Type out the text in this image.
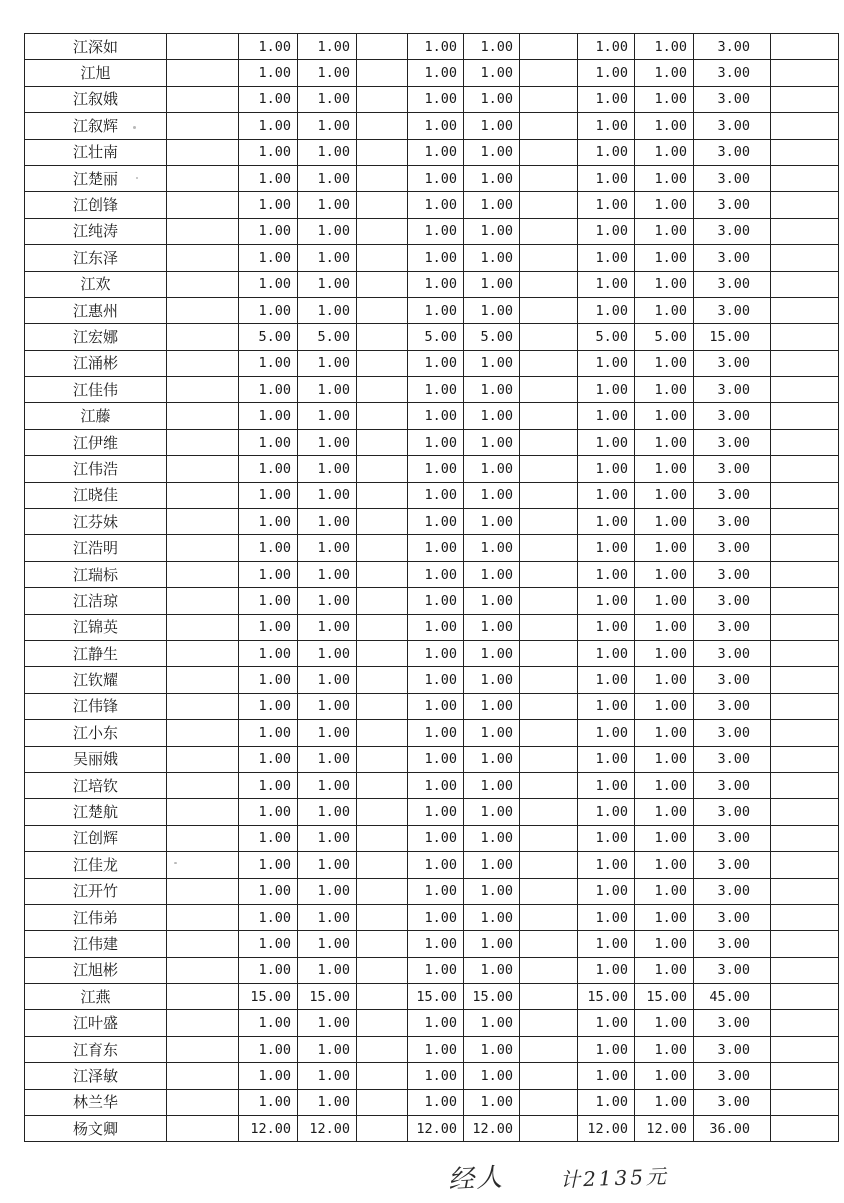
江深如		1.00	1.00		1.00	1.00		1.00	1.00	3.00	
江旭		1.00	1.00		1.00	1.00		1.00	1.00	3.00	
江叙娥		1.00	1.00		1.00	1.00		1.00	1.00	3.00	
江叙辉		1.00	1.00		1.00	1.00		1.00	1.00	3.00	
江壮南		1.00	1.00		1.00	1.00		1.00	1.00	3.00	
江楚丽		1.00	1.00		1.00	1.00		1.00	1.00	3.00	
江创锋		1.00	1.00		1.00	1.00		1.00	1.00	3.00	
江纯涛		1.00	1.00		1.00	1.00		1.00	1.00	3.00	
江东泽		1.00	1.00		1.00	1.00		1.00	1.00	3.00	
江欢		1.00	1.00		1.00	1.00		1.00	1.00	3.00	
江惠州		1.00	1.00		1.00	1.00		1.00	1.00	3.00	
江宏娜		5.00	5.00		5.00	5.00		5.00	5.00	15.00	
江涌彬		1.00	1.00		1.00	1.00		1.00	1.00	3.00	
江佳伟		1.00	1.00		1.00	1.00		1.00	1.00	3.00	
江藤		1.00	1.00		1.00	1.00		1.00	1.00	3.00	
江伊维		1.00	1.00		1.00	1.00		1.00	1.00	3.00	
江伟浩		1.00	1.00		1.00	1.00		1.00	1.00	3.00	
江晓佳		1.00	1.00		1.00	1.00		1.00	1.00	3.00	
江芬妹		1.00	1.00		1.00	1.00		1.00	1.00	3.00	
江浩明		1.00	1.00		1.00	1.00		1.00	1.00	3.00	
江瑞标		1.00	1.00		1.00	1.00		1.00	1.00	3.00	
江洁琼		1.00	1.00		1.00	1.00		1.00	1.00	3.00	
江锦英		1.00	1.00		1.00	1.00		1.00	1.00	3.00	
江静生		1.00	1.00		1.00	1.00		1.00	1.00	3.00	
江钦耀		1.00	1.00		1.00	1.00		1.00	1.00	3.00	
江伟锋		1.00	1.00		1.00	1.00		1.00	1.00	3.00	
江小东		1.00	1.00		1.00	1.00		1.00	1.00	3.00	
吴丽娥		1.00	1.00		1.00	1.00		1.00	1.00	3.00	
江培钦		1.00	1.00		1.00	1.00		1.00	1.00	3.00	
江楚航		1.00	1.00		1.00	1.00		1.00	1.00	3.00	
江创辉		1.00	1.00		1.00	1.00		1.00	1.00	3.00	
江佳龙		1.00	1.00		1.00	1.00		1.00	1.00	3.00	
江开竹		1.00	1.00		1.00	1.00		1.00	1.00	3.00	
江伟弟		1.00	1.00		1.00	1.00		1.00	1.00	3.00	
江伟建		1.00	1.00		1.00	1.00		1.00	1.00	3.00	
江旭彬		1.00	1.00		1.00	1.00		1.00	1.00	3.00	
江燕		15.00	15.00		15.00	15.00		15.00	15.00	45.00	
江叶盛		1.00	1.00		1.00	1.00		1.00	1.00	3.00	
江育东		1.00	1.00		1.00	1.00		1.00	1.00	3.00	
江泽敏		1.00	1.00		1.00	1.00		1.00	1.00	3.00	
林兰华		1.00	1.00		1.00	1.00		1.00	1.00	3.00	
杨文卿		12.00	12.00		12.00	12.00		12.00	12.00	36.00	
经人	计2135元
